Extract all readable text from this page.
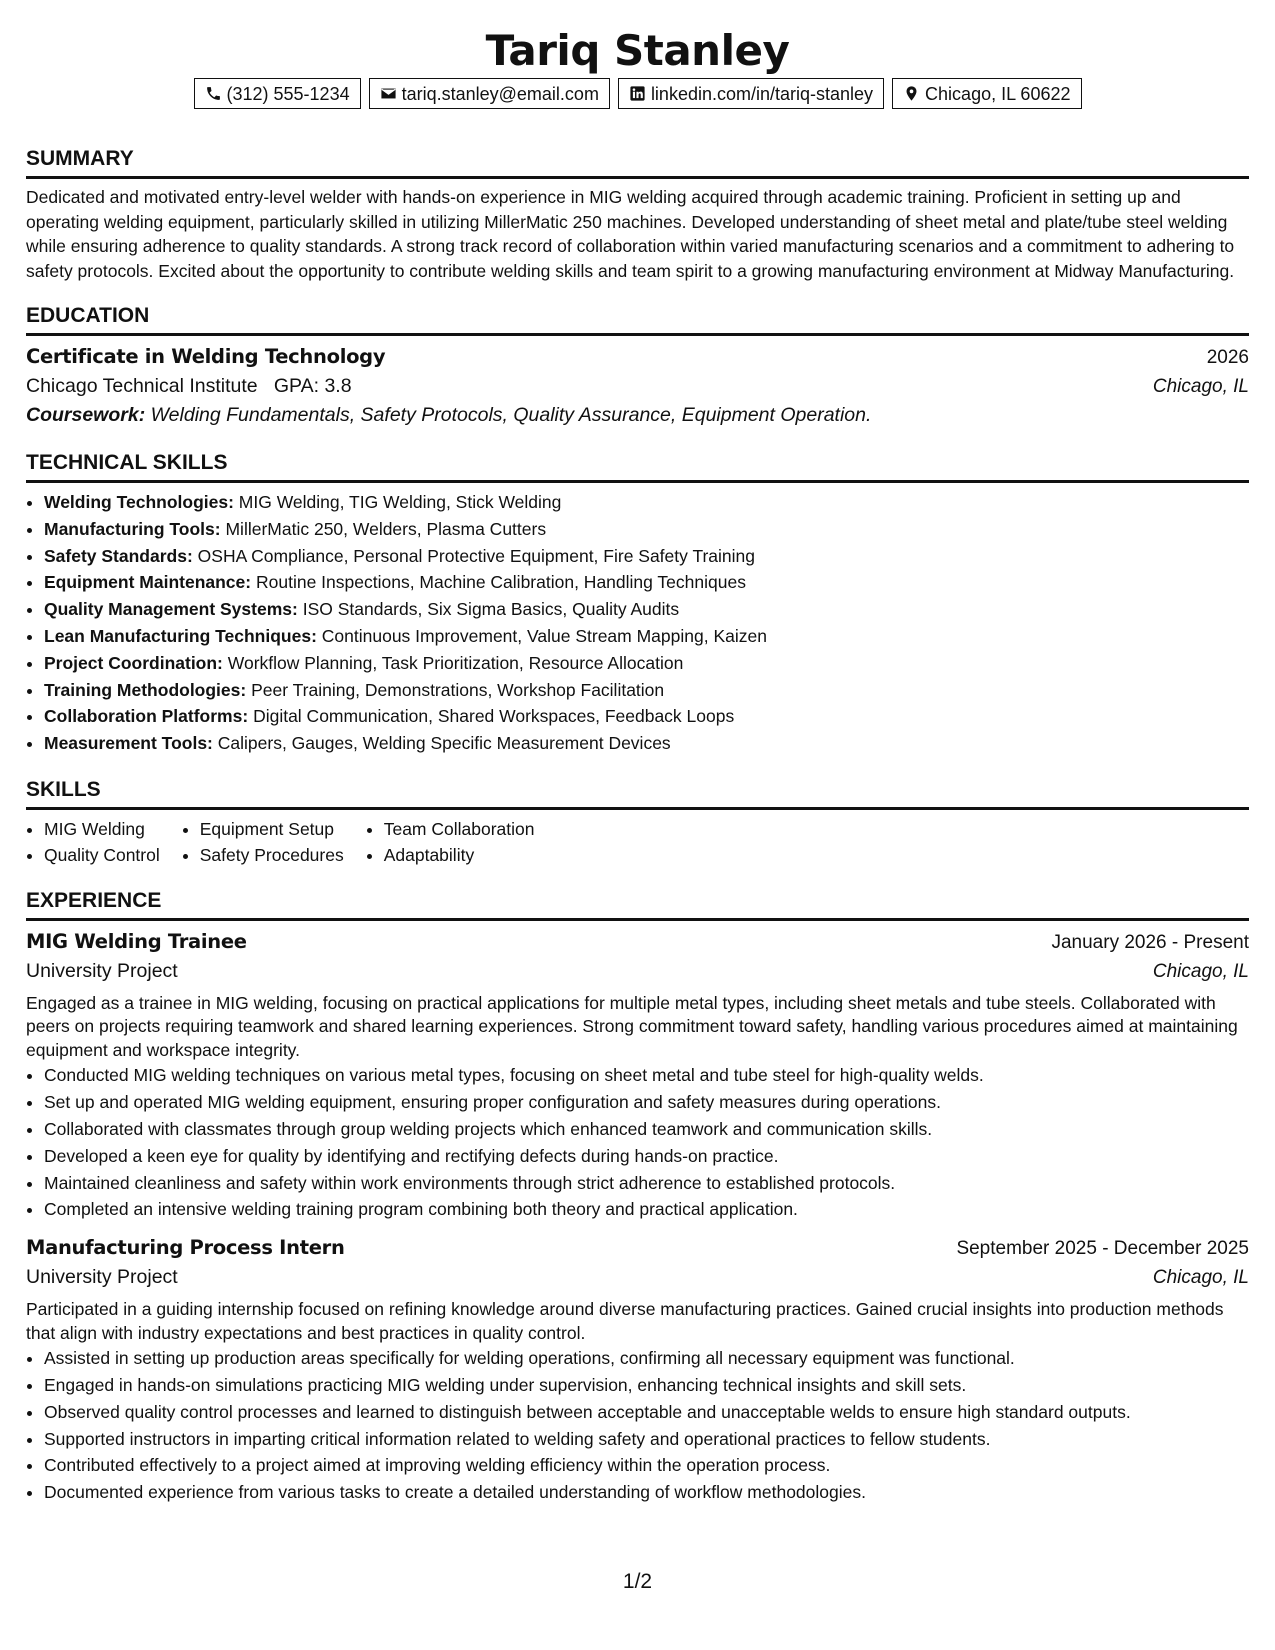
Tariq Stanley
(312) 555-1234	tariq.stanley@email.com	linkedin.com/in/tariq-stanley	Chicago, IL 60622
SUMMARY

Dedicated and motivated entry-level welder with hands-on experience in MIG welding acquired through academic training. Proficient in setting up and operating welding equipment, particularly skilled in utilizing MillerMatic 250 machines. Developed understanding of sheet metal and plate/tube steel welding while ensuring adherence to quality standards. A strong track record of collaboration within varied manufacturing scenarios and a commitment to adhering to safety protocols. Excited about the opportunity to contribute welding skills and team spirit to a growing manufacturing environment at Midway Manufacturing.

EDUCATION
Certificate in Welding Technology	2026
Chicago Technical Institute GPA: 3.8	Chicago, IL
Coursework: Welding Fundamentals, Safety Protocols, Quality Assurance, Equipment Operation.
TECHNICAL SKILLS
• Welding Technologies: MIG Welding, TIG Welding, Stick Welding
• Manufacturing Tools: MillerMatic 250, Welders, Plasma Cutters
• Safety Standards: OSHA Compliance, Personal Protective Equipment, Fire Safety Training
• Equipment Maintenance: Routine Inspections, Machine Calibration, Handling Techniques
• Quality Management Systems: ISO Standards, Six Sigma Basics, Quality Audits
• Lean Manufacturing Techniques: Continuous Improvement, Value Stream Mapping, Kaizen
• Project Coordination: Workflow Planning, Task Prioritization, Resource Allocation
• Training Methodologies: Peer Training, Demonstrations, Workshop Facilitation
• Collaboration Platforms: Digital Communication, Shared Workspaces, Feedback Loops
• Measurement Tools: Calipers, Gauges, Welding Specific Measurement Devices
SKILLS
• MIG Welding
• Quality Control
• Equipment Setup
• Safety Procedures
• Team Collaboration
• Adaptability
EXPERIENCE
MIG Welding Trainee	January 2026 - Present
University Project	Chicago, IL
Engaged as a trainee in MIG welding, focusing on practical applications for multiple metal types, including sheet metals and tube steels. Collaborated with peers on projects requiring teamwork and shared learning experiences. Strong commitment toward safety, handling various procedures aimed at maintaining equipment and workspace integrity.
• Conducted MIG welding techniques on various metal types, focusing on sheet metal and tube steel for high-quality welds.
• Set up and operated MIG welding equipment, ensuring proper configuration and safety measures during operations.
• Collaborated with classmates through group welding projects which enhanced teamwork and communication skills.
• Developed a keen eye for quality by identifying and rectifying defects during hands-on practice.
• Maintained cleanliness and safety within work environments through strict adherence to established protocols.
• Completed an intensive welding training program combining both theory and practical application.
Manufacturing Process Intern	September 2025 - December 2025
University Project	Chicago, IL
Participated in a guiding internship focused on refining knowledge around diverse manufacturing practices. Gained crucial insights into production methods that align with industry expectations and best practices in quality control.
• Assisted in setting up production areas specifically for welding operations, confirming all necessary equipment was functional.
• Engaged in hands-on simulations practicing MIG welding under supervision, enhancing technical insights and skill sets.
• Observed quality control processes and learned to distinguish between acceptable and unacceptable welds to ensure high standard outputs.
• Supported instructors in imparting critical information related to welding safety and operational practices to fellow students.
• Contributed effectively to a project aimed at improving welding efficiency within the operation process.
• Documented experience from various tasks to create a detailed understanding of workflow methodologies.
1/2
